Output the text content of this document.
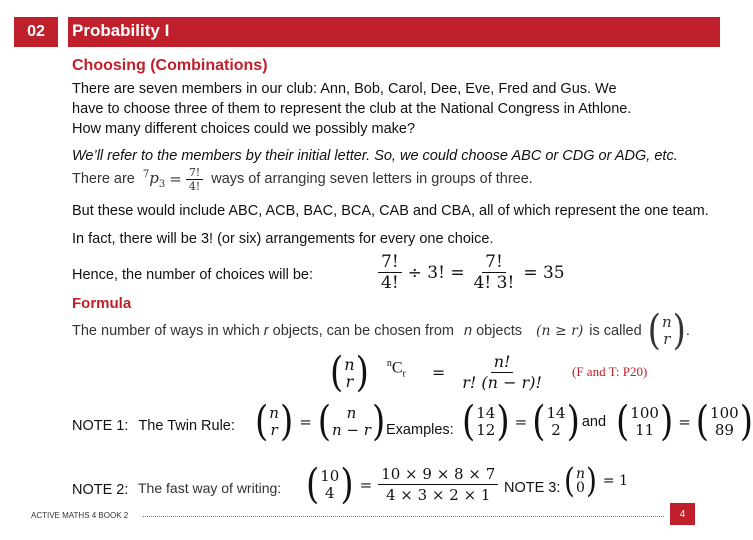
02	Probability I
Choosing (Combinations)
There are seven members in our club: Ann, Bob, Carol, Dee, Eve, Fred and Gus. We
have to choose three of them to represent the club at the National Congress in Athlone.
How many different choices could we possibly make?
We’ll refer to the members by their initial letter. So, we could choose ABC or CDG or ADG, etc.
There are $^7p_3 = \frac{7!}{4!}$ ways of arranging seven letters in groups of three.
But these would include ABC, ACB, BAC, BCA, CAB and CBA, all of which represent the one team.
In fact, there will be 3! (or six) arrangements for every one choice.
Hence, the number of choices will be:	$\frac{7!}{4!} \div 3$! = $\frac{7!}{4! 3!} = 35$
Formula
The number of ways in which r objects, can be chosen from n objects (n ≥ r) is called ( n
r ) .
( n
r ) $^nC_r = \frac{n!}{r! (n - r)!} (F$ and T: P20)
NOTE 1: The Twin Rule: ( n
r ) = ( n
n − r ) Examples: ( 14
12 ) = ( 14
2 ) and ( 100
11 ) = ( 100
89 )
NOTE 2: The fast way of writing: ( 10
4 ) = $\frac{10 \times 9 \times 8 \times 7}{4 \times 3 \times 2 \times 1}$ NOTE 3: ( n
0 ) = 1
ACTIVE MATHS 4 BOOK 2	4
